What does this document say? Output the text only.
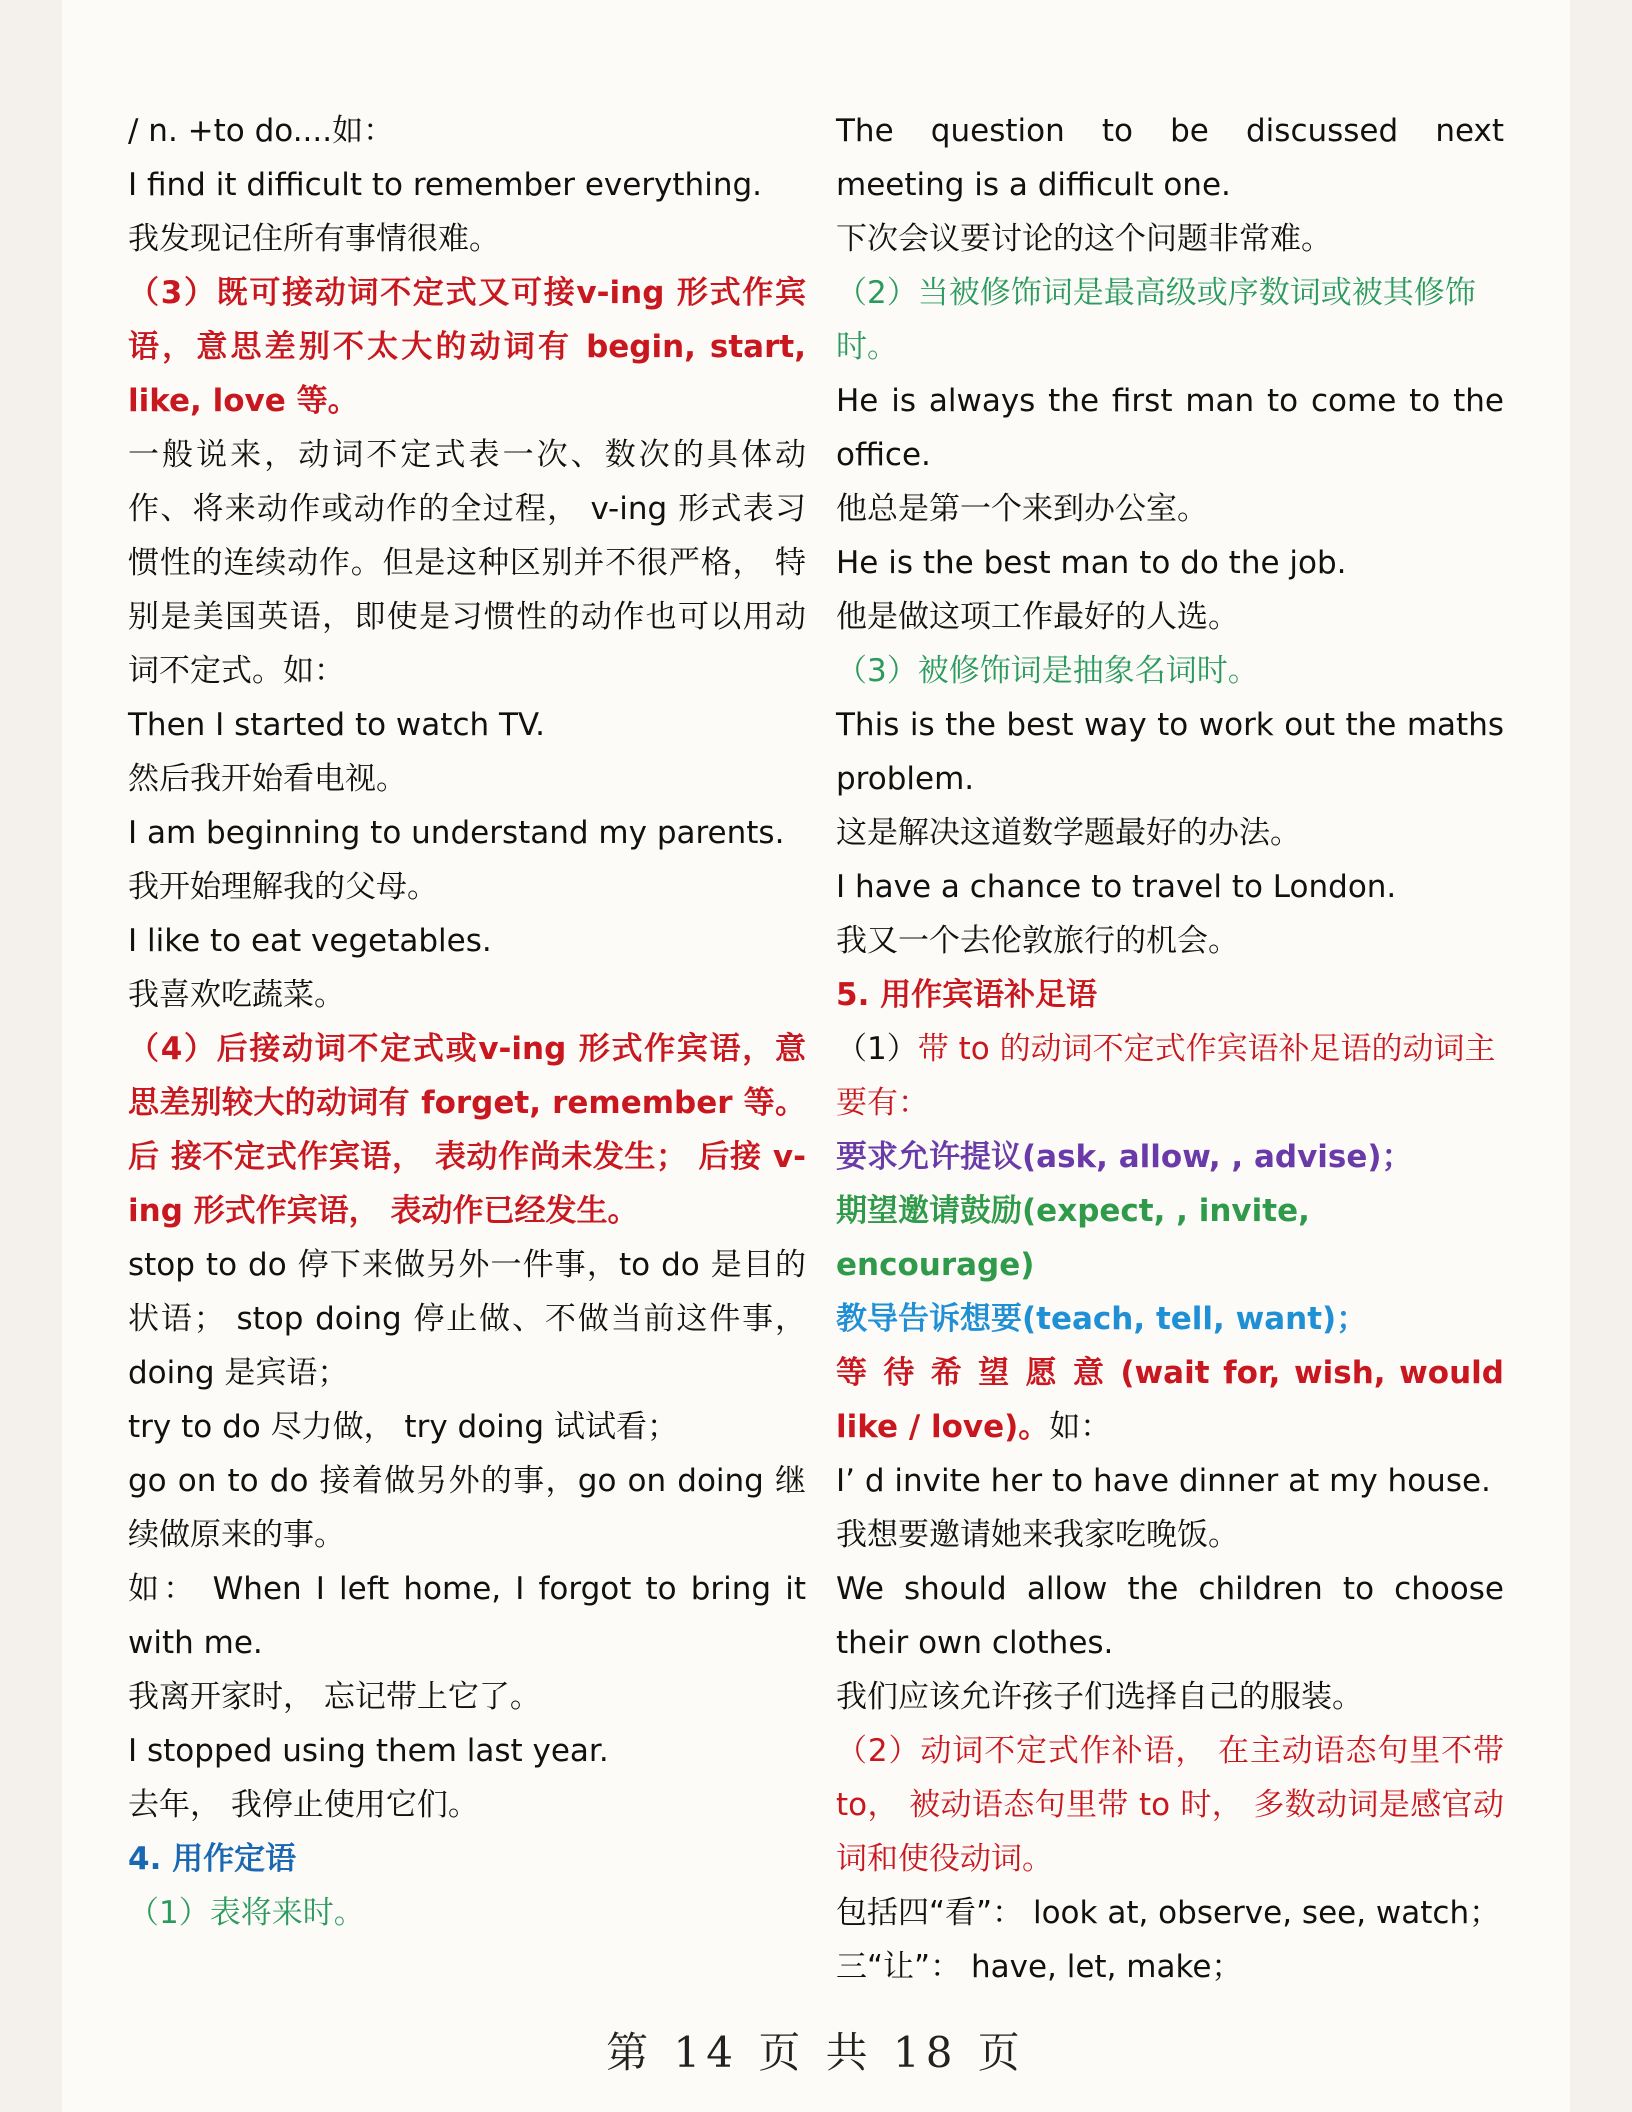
/ n. +to do....如：

I find it difficult to remember everything.

我发现记住所有事情很难。

（3）既可接动词不定式又可接v-ing 形式作宾 语，意思差别不太大的动词有 begin, start, like, love 等。

一般说来，动词不定式表一次、数次的具体动作、将来动作或动作的全过程， v-ing 形式表习惯性的连续动作。但是这种区别并不很严格， 特别是美国英语，即使是习惯性的动作也可以用动词不定式。如：

Then I started to watch TV.

然后我开始看电视。

I am beginning to understand my parents.

我开始理解我的父母。

I like to eat vegetables.

我喜欢吃蔬菜。

（4）后接动词不定式或v-ing 形式作宾语，意 思差别较大的动词有 forget, remember 等。后 接不定式作宾语， 表动作尚未发生； 后接 v-ing 形式作宾语， 表动作已经发生。

stop to do 停下来做另外一件事，to do 是目的状语； stop doing 停止做、不做当前这件事，doing 是宾语；

try to do 尽力做， try doing 试试看；

go on to do 接着做另外的事，go on doing 继续做原来的事。

如： When I left home, I forgot to bring it with me.

我离开家时， 忘记带上它了。

I stopped using them last year.

去年， 我停止使用它们。

4. 用作定语

（1）表将来时。

The question to be discussed next meeting is a difficult one.

下次会议要讨论的这个问题非常难。

（2）当被修饰词是最高级或序数词或被其修饰时。

He is always the first man to come to the office.

他总是第一个来到办公室。

He is the best man to do the job.

他是做这项工作最好的人选。

（3）被修饰词是抽象名词时。

This is the best way to work out the maths problem.

这是解决这道数学题最好的办法。

I have a chance to travel to London.

我又一个去伦敦旅行的机会。

5. 用作宾语补足语

（1）带 to 的动词不定式作宾语补足语的动词主要有：

要求允许提议(ask, allow, , advise)；

期望邀请鼓励(expect, , invite, encourage)

教导告诉想要(teach, tell, want)；

等 待 希 望 愿 意 (wait for, wish, would like / love)。如：

I’ d invite her to have dinner at my house.

我想要邀请她来我家吃晚饭。

We should allow the children to choose their own clothes.

我们应该允许孩子们选择自己的服装。

（2）动词不定式作补语， 在主动语态句里不带 to， 被动语态句里带 to 时， 多数动词是感官动词和使役动词。

包括四“看”： look at, observe, see, watch；

三“让”： have, let, make；

第 14 页 共 18 页
